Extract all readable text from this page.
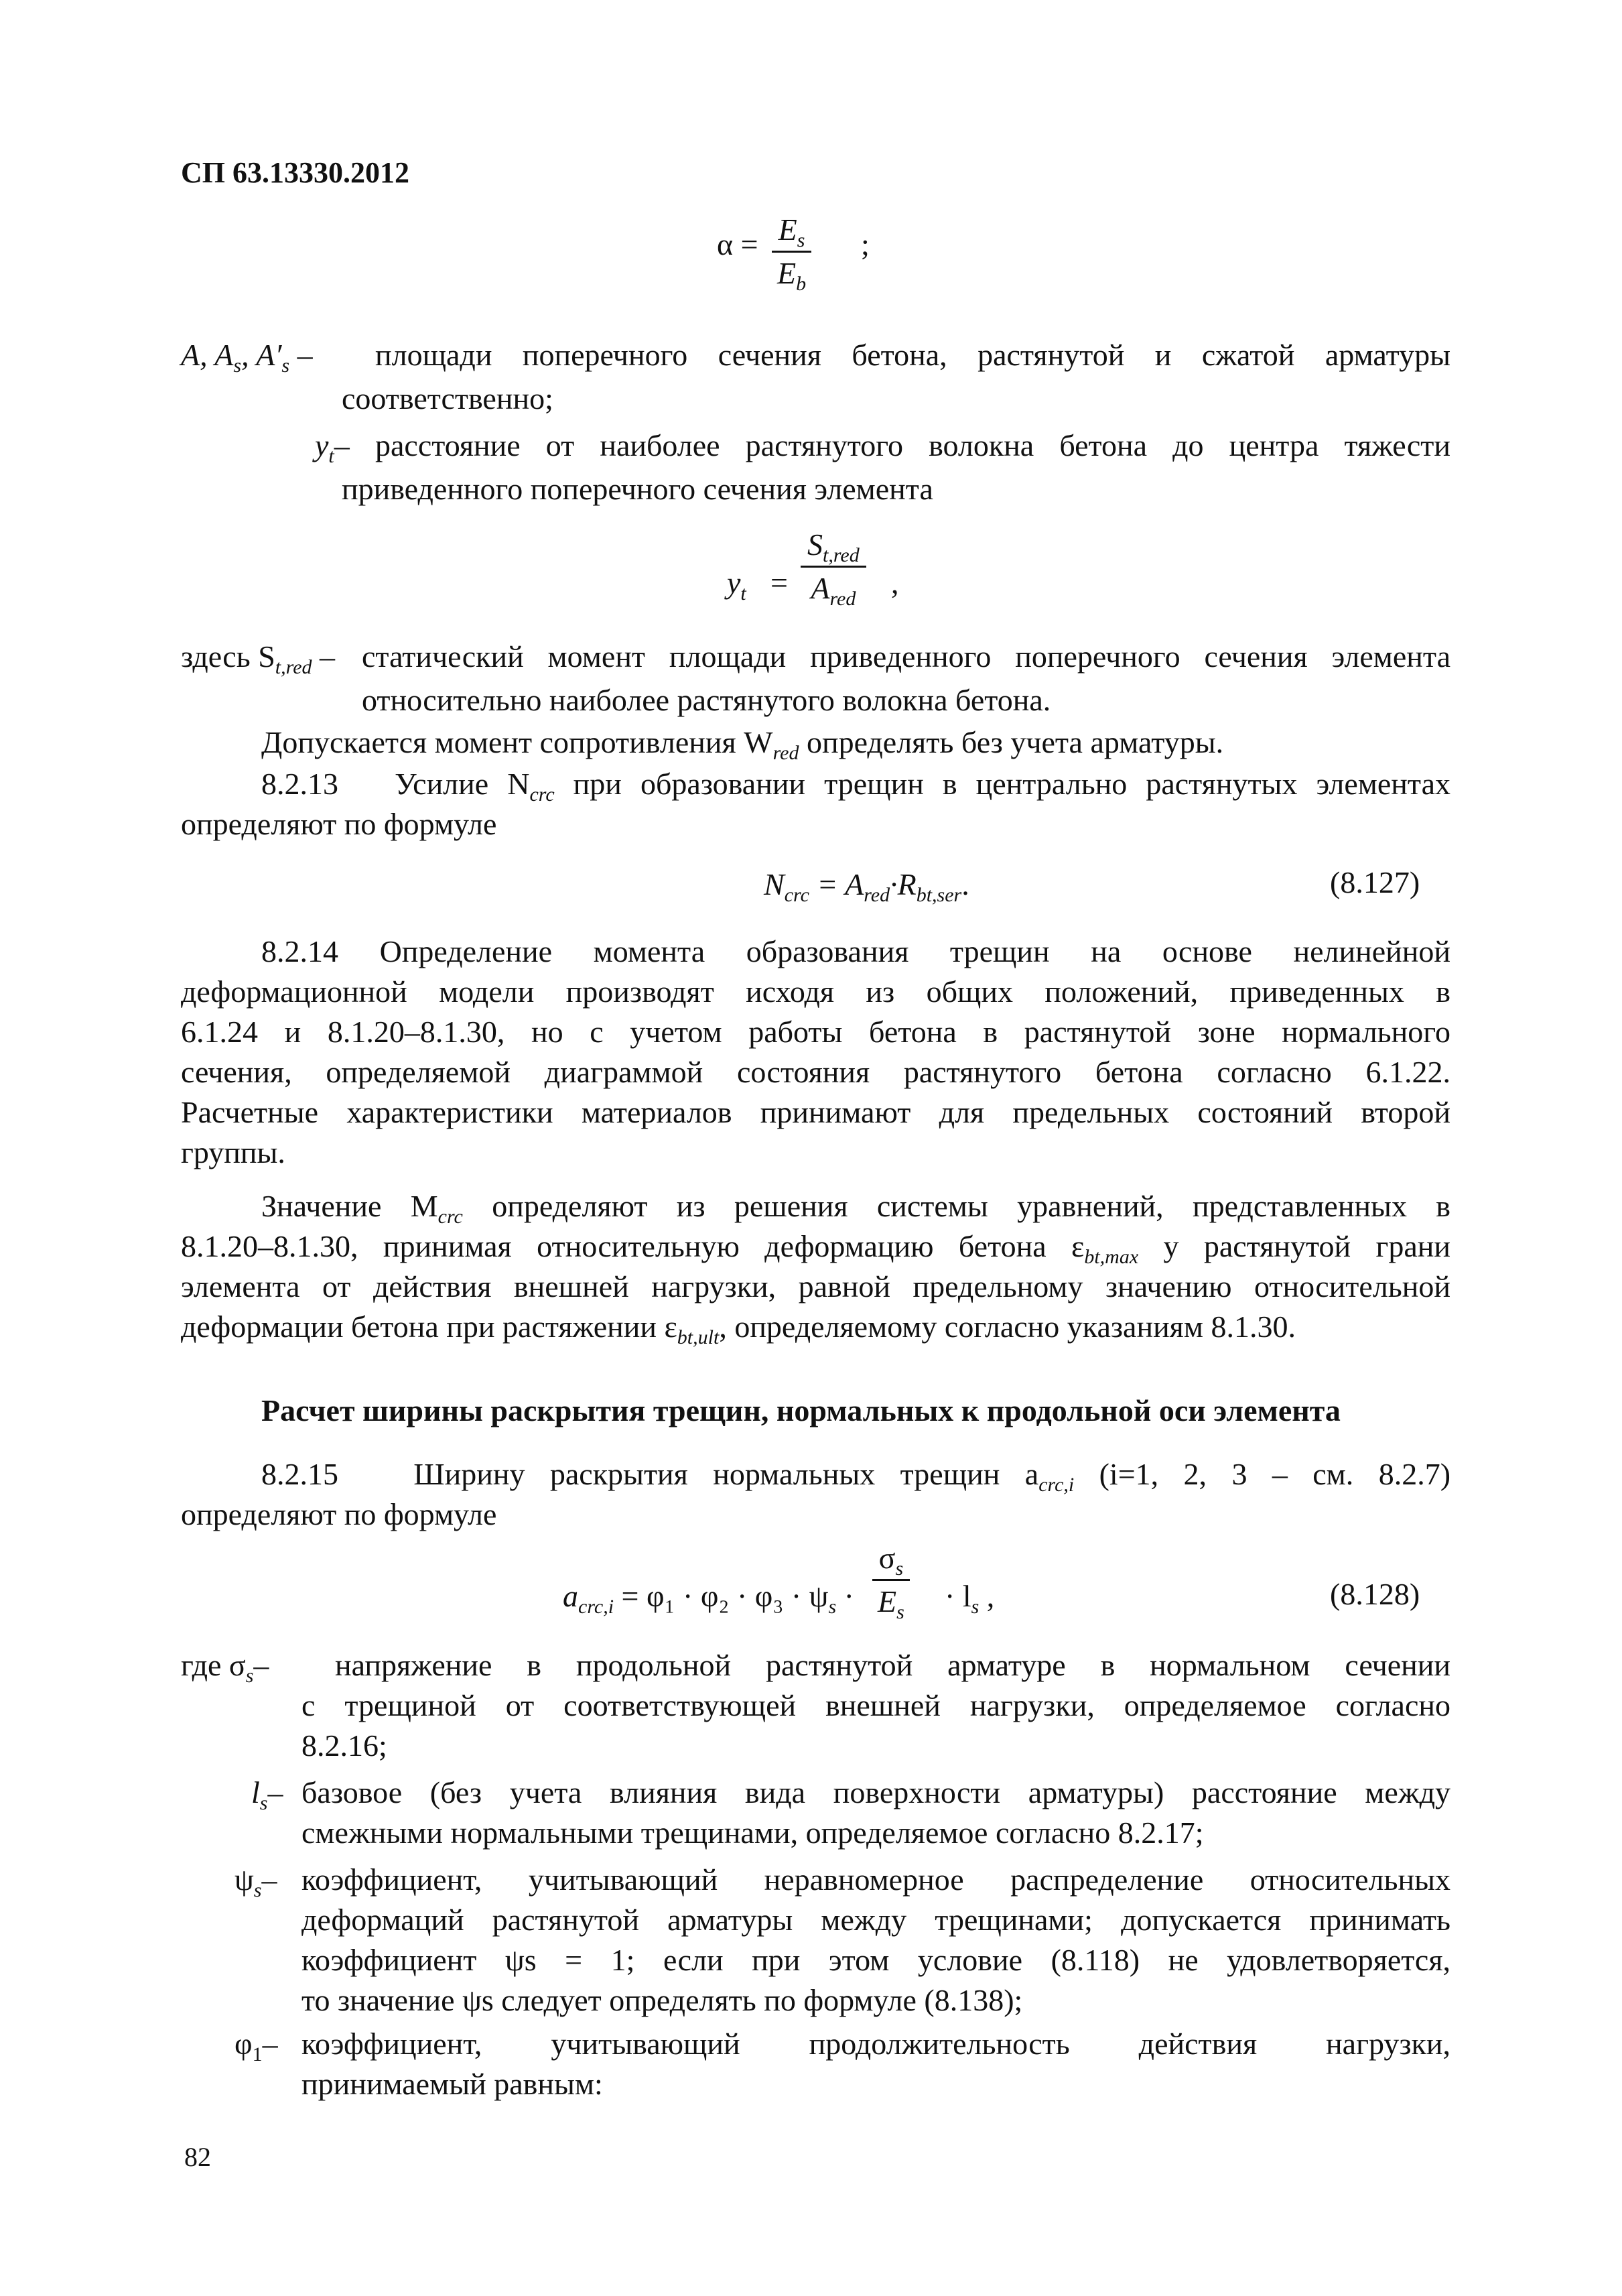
СП 63.13330.2012
$\alpha = \frac{E_s}{E_b}$ ;
A, $A_s$, $A'_s$ – площади поперечного сечения бетона, растянутой и сжатой арматуры
соответственно;
$y_t-$ расстояние от наиболее растянутого волокна бетона до центра тяжести
приведенного поперечного сечения элемента
$y_t$ =
$S_{t,red}$
$A_{red}$ ,
здесь $S_{t,red}$ – статический момент площади приведенного поперечного сечения элемента
относительно наиболее растянутого волокна бетона.
Допускается момент сопротивления $W_{red}$ определять без учета арматуры.
8.2.13 Усилие $N_{crc}$ при образовании трещин в центрально растянутых элементах
определяют по формуле
$N_{crc} = A_{red}\cdot R_{bt,ser}$.	(8.127)
8.2.14 Определение момента образования трещин на основе нелинейной
деформационной модели производят исходя из общих положений, приведенных в
6.1.24 и 8.1.20–8.1.30, но с учетом работы бетона в растянутой зоне нормального
сечения, определяемой диаграммой состояния растянутого бетона согласно 6.1.22.
Расчетные характеристики материалов принимают для предельных состояний второй
группы.
Значение $M_{crc}$ определяют из решения системы уравнений, представленных в
8.1.20–8.1.30, принимая относительную деформацию бетона $\varepsilon_{bt,max}$ у растянутой грани
элемента от действия внешней нагрузки, равной предельному значению относительной
деформации бетона при растяжении $\varepsilon_{bt,ult}$, определяемому согласно указаниям 8.1.30.
Расчет ширины раскрытия трещин, нормальных к продольной оси элемента
8.2.15 Ширину раскрытия нормальных трещин $a_{crc,i}$ (i=1, 2, 3 – см. 8.2.7)
определяют по формуле
$a_{crc,i} = \varphi_1 \cdot \varphi_2 \cdot \varphi_3 \cdot \psi_s \cdot \frac{\sigma_s}{E_s} \cdot l_s$ ,	(8.128)
где $\sigma_s-$ напряжение в продольной растянутой арматуре в нормальном сечении
с трещиной от соответствующей внешней нагрузки, определяемое согласно
8.2.16;
$l_s-$ базовое (без учета влияния вида поверхности арматуры) расстояние между
смежными нормальными трещинами, определяемое согласно 8.2.17;
$\psi_s-$ коэффициент, учитывающий неравномерное распределение относительных
деформаций растянутой арматуры между трещинами; допускается принимать
коэффициент ψs = 1; если при этом условие (8.118) не удовлетворяется,
то значение ψs следует определять по формуле (8.138);
$\varphi_1-$ коэффициент, учитывающий продолжительность действия нагрузки,
принимаемый равным:
82
